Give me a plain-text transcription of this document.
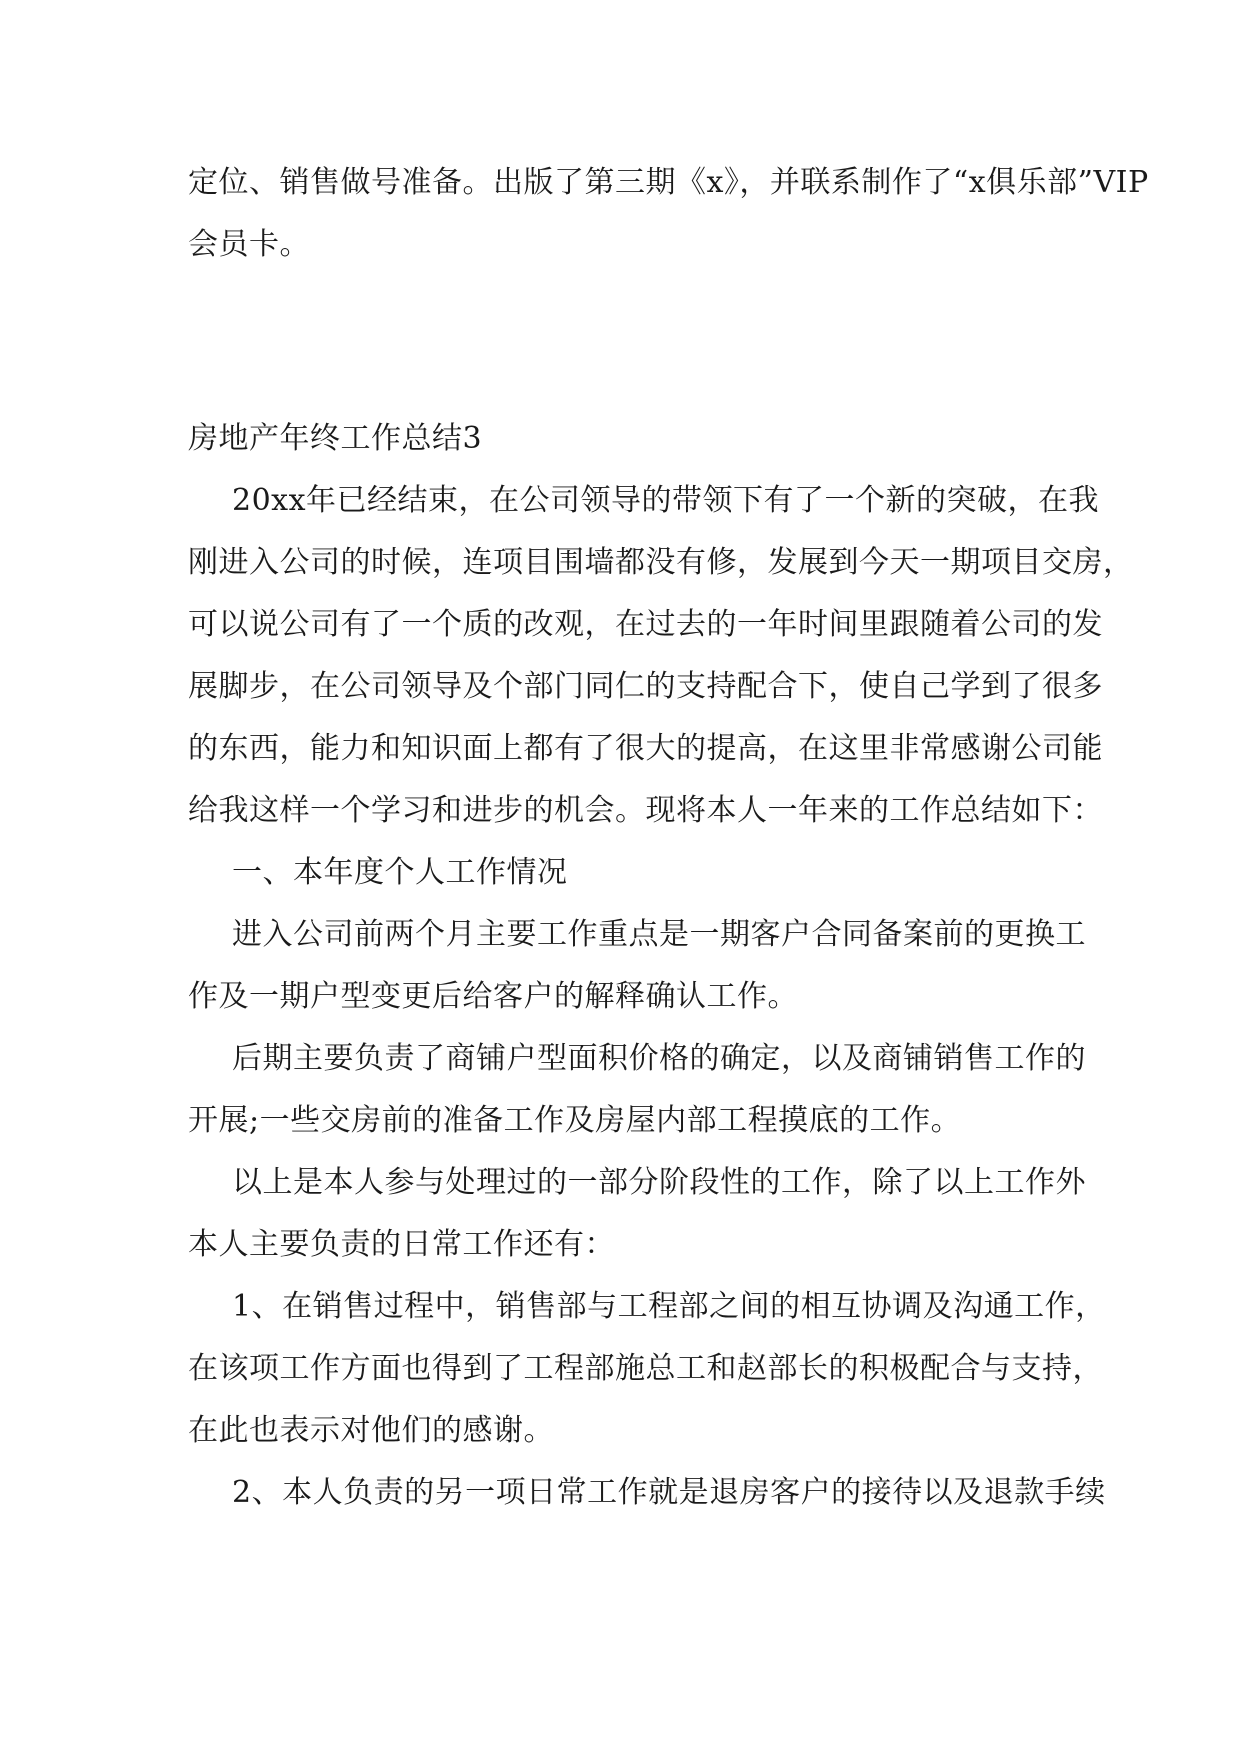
定位、销售做号准备。出版了第三期《x》，并联系制作了“x俱乐部”VIP
会员卡。
房地产年终工作总结3
20xx年已经结束，在公司领导的带领下有了一个新的突破，在我
刚进入公司的时候，连项目围墙都没有修，发展到今天一期项目交房，
可以说公司有了一个质的改观，在过去的一年时间里跟随着公司的发
展脚步，在公司领导及个部门同仁的支持配合下，使自己学到了很多
的东西，能力和知识面上都有了很大的提高，在这里非常感谢公司能
给我这样一个学习和进步的机会。现将本人一年来的工作总结如下：
一、本年度个人工作情况
进入公司前两个月主要工作重点是一期客户合同备案前的更换工
作及一期户型变更后给客户的解释确认工作。
后期主要负责了商铺户型面积价格的确定，以及商铺销售工作的
开展;一些交房前的准备工作及房屋内部工程摸底的工作。
以上是本人参与处理过的一部分阶段性的工作，除了以上工作外
本人主要负责的日常工作还有：
1、在销售过程中，销售部与工程部之间的相互协调及沟通工作，
在该项工作方面也得到了工程部施总工和赵部长的积极配合与支持，
在此也表示对他们的感谢。
2、本人负责的另一项日常工作就是退房客户的接待以及退款手续
